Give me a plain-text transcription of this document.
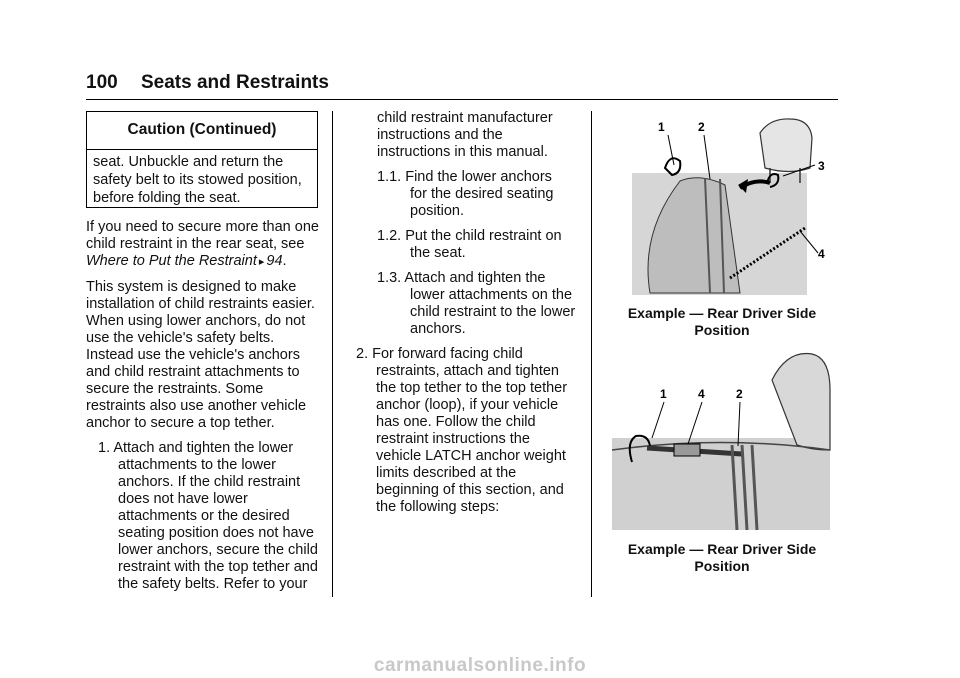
100 Seats and Restraints
Caution (Continued)
seat. Unbuckle and return the
safety belt to its stowed position,
before folding the seat.
If you need to secure more than one
child restraint in the rear seat, see
Where to Put the Restraint ▸ 94.
This system is designed to make
installation of child restraints easier.
When using lower anchors, do not
use the vehicle's safety belts.
Instead use the vehicle's anchors
and child restraint attachments to
secure the restraints. Some
restraints also use another vehicle
anchor to secure a top tether.
1. Attach and tighten the lower
attachments to the lower
anchors. If the child restraint
does not have lower
attachments or the desired
seating position does not have
lower anchors, secure the child
restraint with the top tether and
the safety belts. Refer to your
child restraint manufacturer
instructions and the
instructions in this manual.
1.1. Find the lower anchors
for the desired seating
position.
1.2. Put the child restraint on
the seat.
1.3. Attach and tighten the
lower attachments on the
child restraint to the lower
anchors.
2. For forward facing child
restraints, attach and tighten
the top tether to the top tether
anchor (loop), if your vehicle
has one. Follow the child
restraint instructions the
vehicle LATCH anchor weight
limits described at the
beginning of this section, and
the following steps:
1	2
3
4
Example — Rear Driver Side
Position
1	4	2
Example — Rear Driver Side
Position
carmanualsonline.info
